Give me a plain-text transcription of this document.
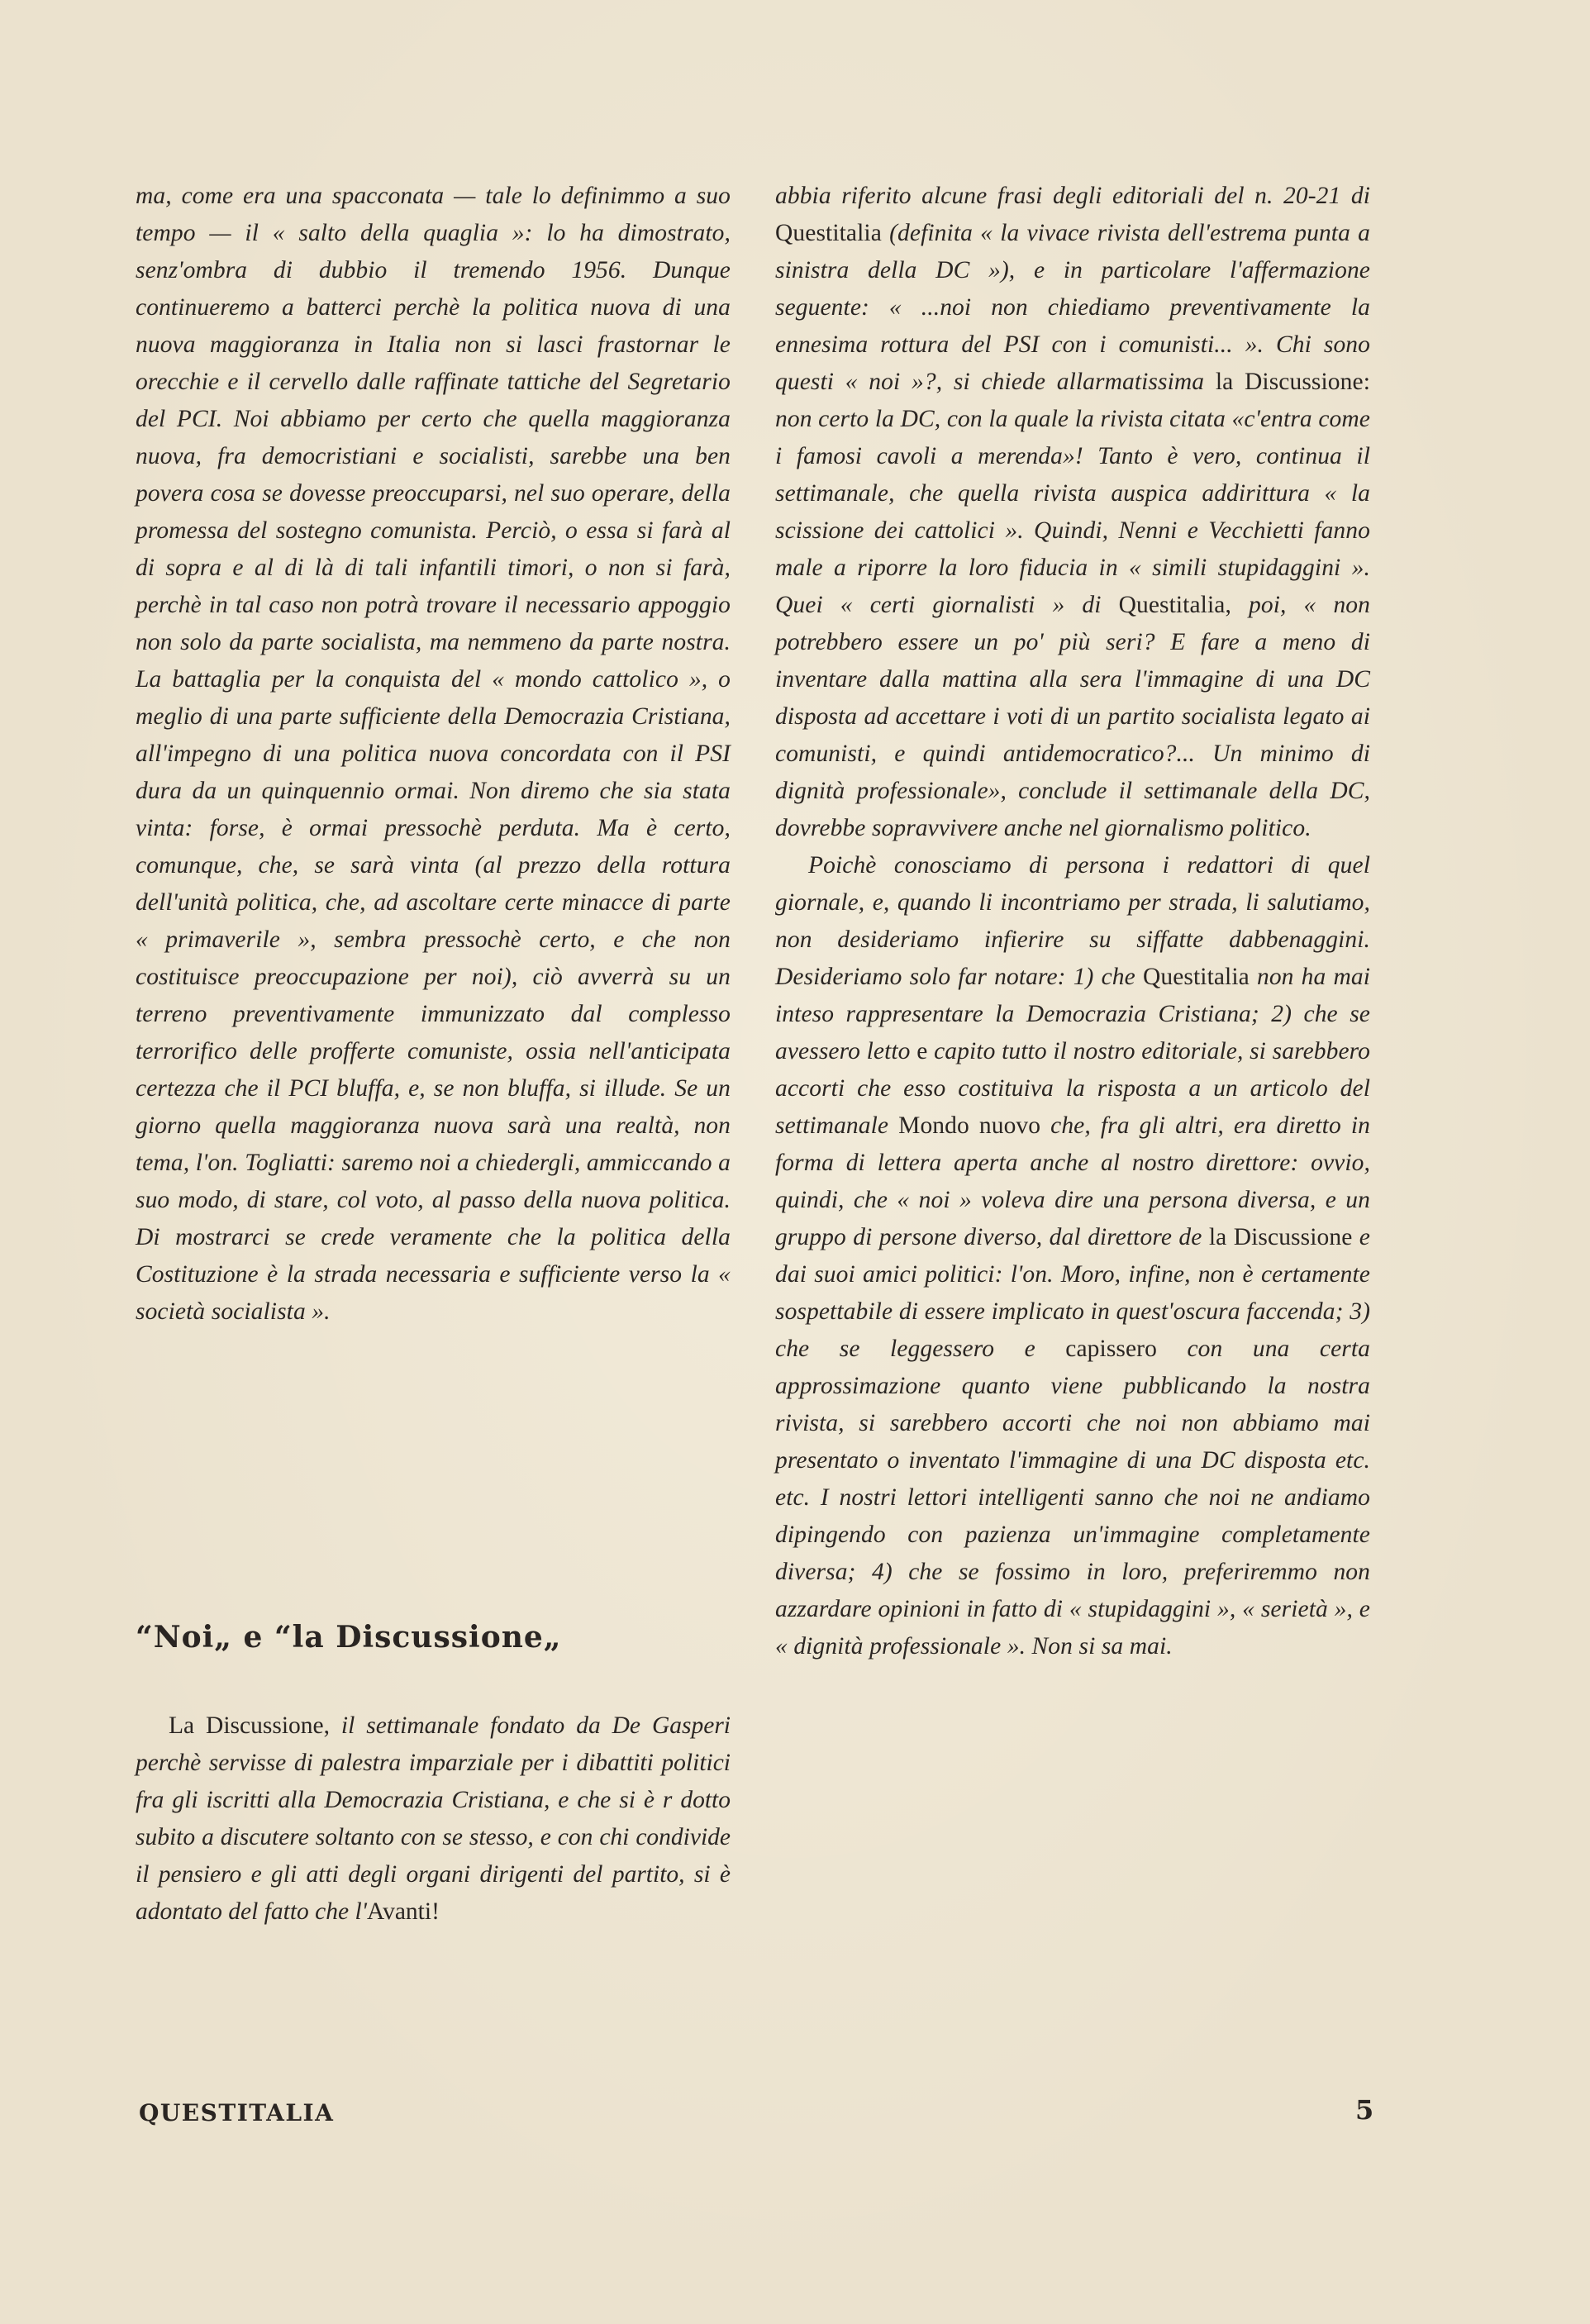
ma, come era una spacconata — tale lo definimmo a suo tempo — il « salto della quaglia »: lo ha dimostrato, senz'ombra di dubbio il tremendo 1956. Dunque continueremo a batterci perchè la politica nuova di una nuova maggioranza in Italia non si lasci frastornar le orecchie e il cervello dalle raffinate tattiche del Segretario del PCI. Noi abbiamo per certo che quella maggioranza nuova, fra democristiani e socialisti, sarebbe una ben povera cosa se dovesse preoccuparsi, nel suo operare, della promessa del sostegno comunista. Perciò, o essa si farà al di sopra e al di là di tali infantili timori, o non si farà, perchè in tal caso non potrà trovare il necessario appoggio non solo da parte socialista, ma nemmeno da parte nostra. La battaglia per la conquista del « mondo cattolico », o meglio di una parte sufficiente della Democrazia Cristiana, all'impegno di una politica nuova concordata con il PSI dura da un quinquennio ormai. Non diremo che sia stata vinta: forse, è ormai pressochè perduta. Ma è certo, comunque, che, se sarà vinta (al prezzo della rottura dell'unità politica, che, ad ascoltare certe minacce di parte « primaverile », sembra pressochè certo, e che non costituisce preoccupazione per noi), ciò avverrà su un terreno preventivamente immunizzato dal complesso terrorifico delle profferte comuniste, ossia nell'anticipata certezza che il PCI bluffa, e, se non bluffa, si illude. Se un giorno quella maggioranza nuova sarà una realtà, non tema, l'on. Togliatti: saremo noi a chiedergli, ammiccando a suo modo, di stare, col voto, al passo della nuova politica. Di mostrarci se crede veramente che la politica della Costituzione è la strada necessaria e sufficiente verso la « società socialista ».

“Noi„ e “la Discussione„

La Discussione, il settimanale fondato da De Gasperi perchè servisse di palestra imparziale per i dibattiti politici fra gli iscritti alla Democrazia Cristiana, e che si è r dotto subito a discutere soltanto con se stesso, e con chi condivide il pensiero e gli atti degli organi dirigenti del partito, si è adontato del fatto che l'Avanti!

abbia riferito alcune frasi degli editoriali del n. 20-21 di Questitalia (definita « la vivace rivista dell'estrema punta a sinistra della DC »), e in particolare l'affermazione seguente: « ...noi non chiediamo preventivamente la ennesima rottura del PSI con i comunisti... ». Chi sono questi « noi »?, si chiede allarmatissima la Discussione: non certo la DC, con la quale la rivista citata «c'entra come i famosi cavoli a merenda»! Tanto è vero, continua il settimanale, che quella rivista auspica addirittura « la scissione dei cattolici ». Quindi, Nenni e Vecchietti fanno male a riporre la loro fiducia in « simili stupidaggini ». Quei « certi giornalisti » di Questitalia, poi, « non potrebbero essere un po' più seri? E fare a meno di inventare dalla mattina alla sera l'immagine di una DC disposta ad accettare i voti di un partito socialista legato ai comunisti, e quindi antidemocratico?... Un minimo di dignità professionale», conclude il settimanale della DC, dovrebbe sopravvivere anche nel giornalismo politico.

Poichè conosciamo di persona i redattori di quel giornale, e, quando li incontriamo per strada, li salutiamo, non desideriamo infierire su siffatte dabbenaggini. Desideriamo solo far notare: 1) che Questitalia non ha mai inteso rappresentare la Democrazia Cristiana; 2) che se avessero letto e capito tutto il nostro editoriale, si sarebbero accorti che esso costituiva la risposta a un articolo del settimanale Mondo nuovo che, fra gli altri, era diretto in forma di lettera aperta anche al nostro direttore: ovvio, quindi, che « noi » voleva dire una persona diversa, e un gruppo di persone diverso, dal direttore de la Discussione e dai suoi amici politici: l'on. Moro, infine, non è certamente sospettabile di essere implicato in quest'oscura faccenda; 3) che se leggessero e capissero con una certa approssimazione quanto viene pubblicando la nostra rivista, si sarebbero accorti che noi non abbiamo mai presentato o inventato l'immagine di una DC disposta etc. etc. I nostri lettori intelligenti sanno che noi ne andiamo dipingendo con pazienza un'immagine completamente diversa; 4) che se fossimo in loro, preferiremmo non azzardare opinioni in fatto di « stupidaggini », « serietà », e « dignità professionale ». Non si sa mai.

QUESTITALIA	5
